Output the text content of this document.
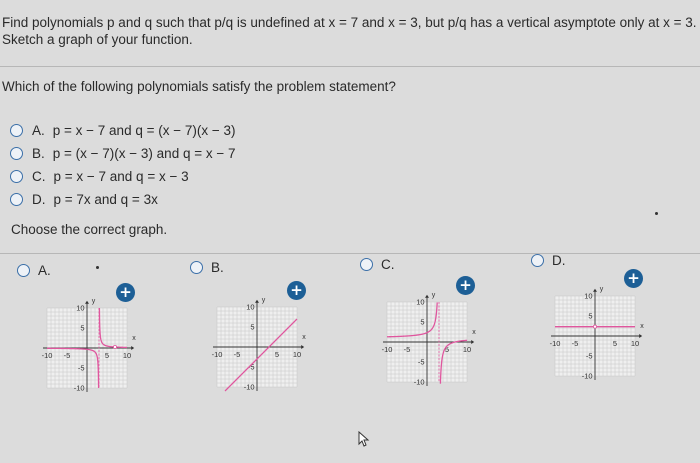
Find polynomials p and q such that p/q is undefined at x = 7 and x = 3, but p/q has a vertical asymptote only at x = 3.
Sketch a graph of your function.

Which of the following polynomials satisfy the problem statement?

A. p = x − 7 and q = (x − 7)(x − 3)
B. p = (x − 7)(x − 3) and q = x − 7
C. p = x − 7 and q = x − 3
D. p = 7x and q = 3x

Choose the correct graph.

A.	B.	C.	D.
+	+	+	+
x
y
-10 -5	5 10
10
5
-5
-10
x
y
-10 -5	5 10
10
5
-5
-10
x
y
-10 -5	5 10
10
5
-5
-10
x
y
-10 -5	5 10
10
5
-5
-10
